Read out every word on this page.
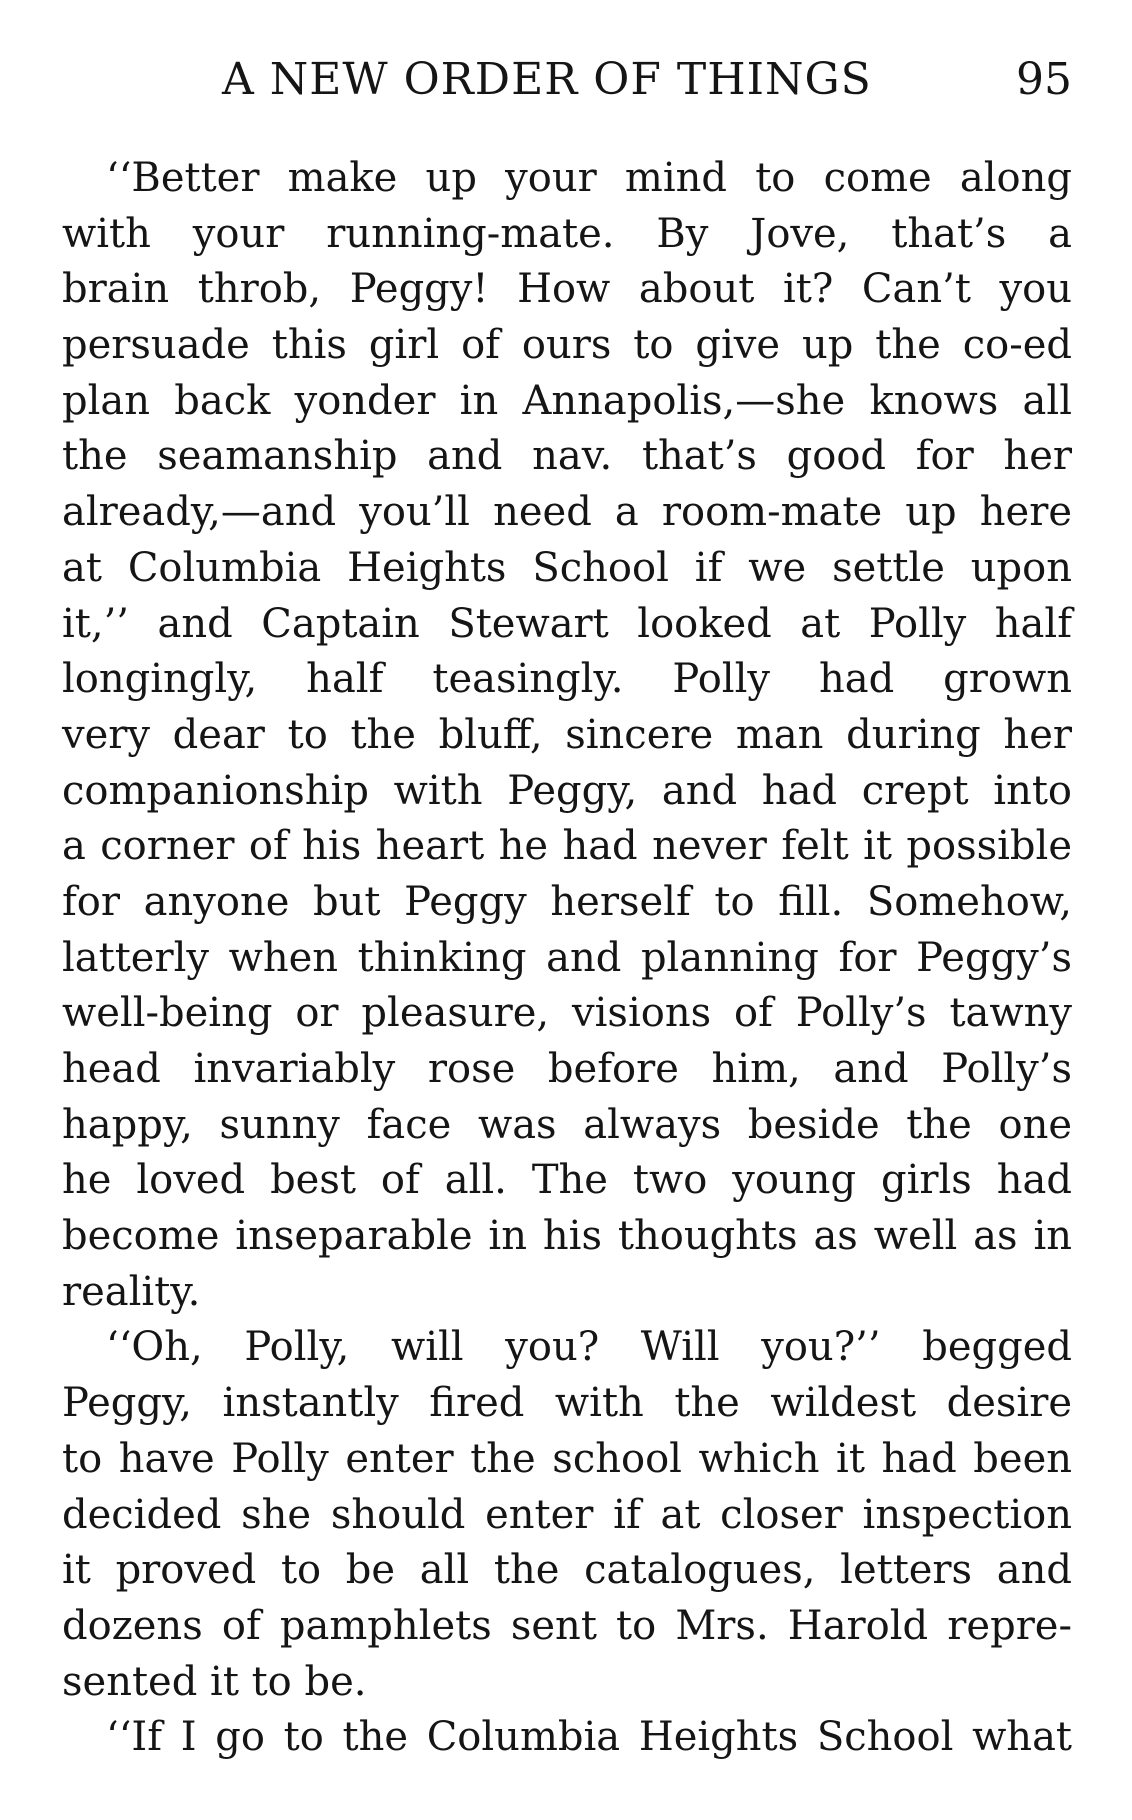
A NEW ORDER OF THINGS	95
‘‘Better make up your mind to come along
with your running-mate. By Jove, that’s a
brain throb, Peggy! How about it? Can’t you
persuade this girl of ours to give up the co-ed
plan back yonder in Annapolis,—she knows all
the seamanship and nav. that’s good for her
already,—and you’ll need a room-mate up here
at Columbia Heights School if we settle upon
it,’’ and Captain Stewart looked at Polly half
longingly, half teasingly. Polly had grown
very dear to the bluff, sincere man during her
companionship with Peggy, and had crept into
a corner of his heart he had never felt it possible
for anyone but Peggy herself to fill. Somehow,
latterly when thinking and planning for Peggy’s
well-being or pleasure, visions of Polly’s tawny
head invariably rose before him, and Polly’s
happy, sunny face was always beside the one
he loved best of all. The two young girls had
become inseparable in his thoughts as well as in
reality.
‘‘Oh, Polly, will you? Will you?’’ begged
Peggy, instantly fired with the wildest desire
to have Polly enter the school which it had been
decided she should enter if at closer inspection
it proved to be all the catalogues, letters and
dozens of pamphlets sent to Mrs. Harold repre-
sented it to be.
‘‘If I go to the Columbia Heights School what
